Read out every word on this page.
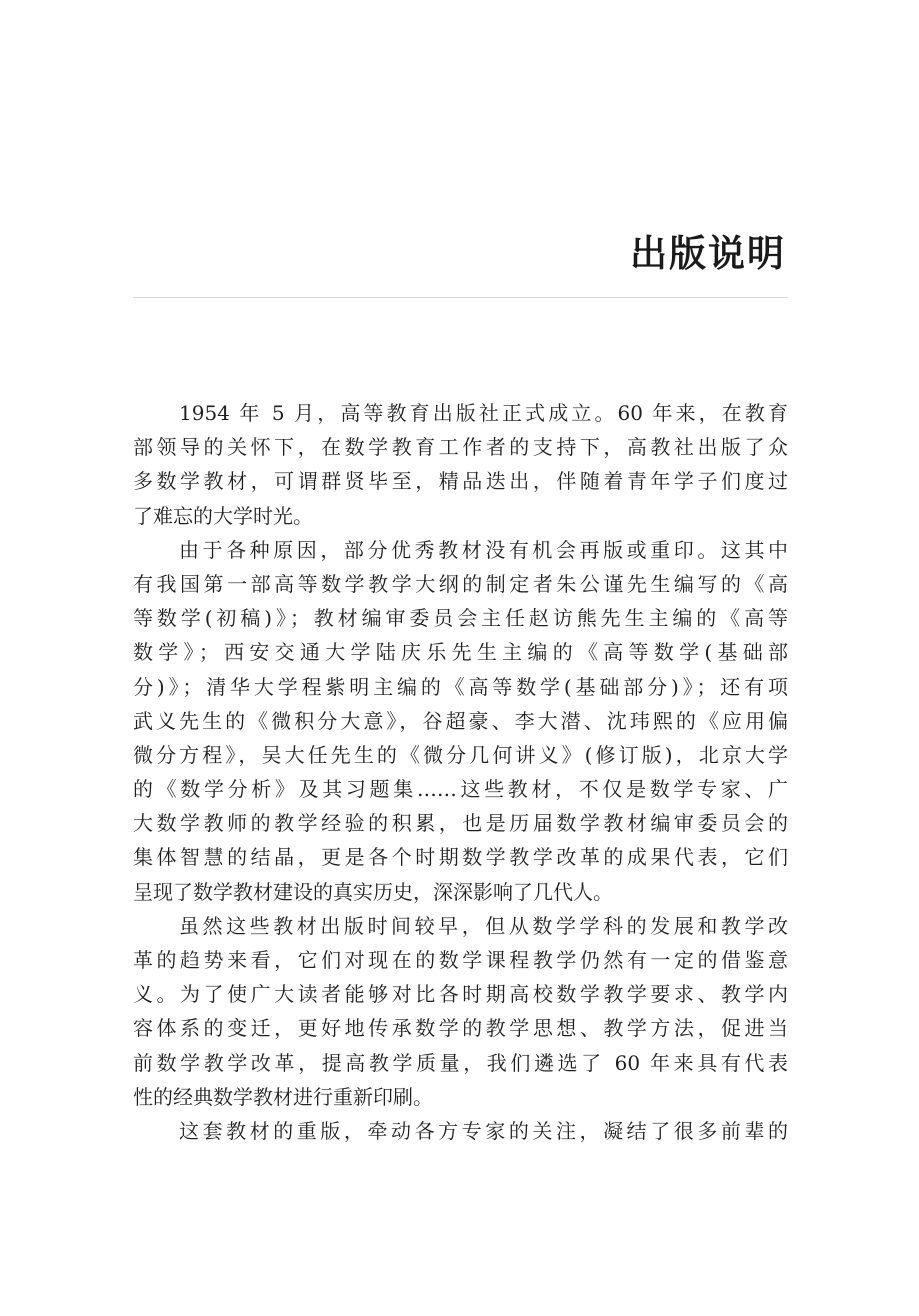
出版说明
1954 年 5 月，高等教育出版社正式成立。60 年来，在教育
部领导的关怀下，在数学教育工作者的支持下，高教社出版了众
多数学教材，可谓群贤毕至，精品迭出，伴随着青年学子们度过
了难忘的大学时光。
由于各种原因，部分优秀教材没有机会再版或重印。这其中
有我国第一部高等数学教学大纲的制定者朱公谨先生编写的《高
等数学(初稿)》；教材编审委员会主任赵访熊先生主编的《高等
数学》；西安交通大学陆庆乐先生主编的《高等数学(基础部
分)》；清华大学程紫明主编的《高等数学(基础部分)》；还有项
武义先生的《微积分大意》，谷超豪、李大潜、沈玮熙的《应用偏
微分方程》，吴大任先生的《微分几何讲义》(修订版)，北京大学
的《数学分析》及其习题集……这些教材，不仅是数学专家、广
大数学教师的教学经验的积累，也是历届数学教材编审委员会的
集体智慧的结晶，更是各个时期数学教学改革的成果代表，它们
呈现了数学教材建设的真实历史，深深影响了几代人。
虽然这些教材出版时间较早，但从数学学科的发展和教学改
革的趋势来看，它们对现在的数学课程教学仍然有一定的借鉴意
义。为了使广大读者能够对比各时期高校数学教学要求、教学内
容体系的变迁，更好地传承数学的教学思想、教学方法，促进当
前数学教学改革，提高教学质量，我们遴选了 60 年来具有代表
性的经典数学教材进行重新印刷。
这套教材的重版，牵动各方专家的关注，凝结了很多前辈的
